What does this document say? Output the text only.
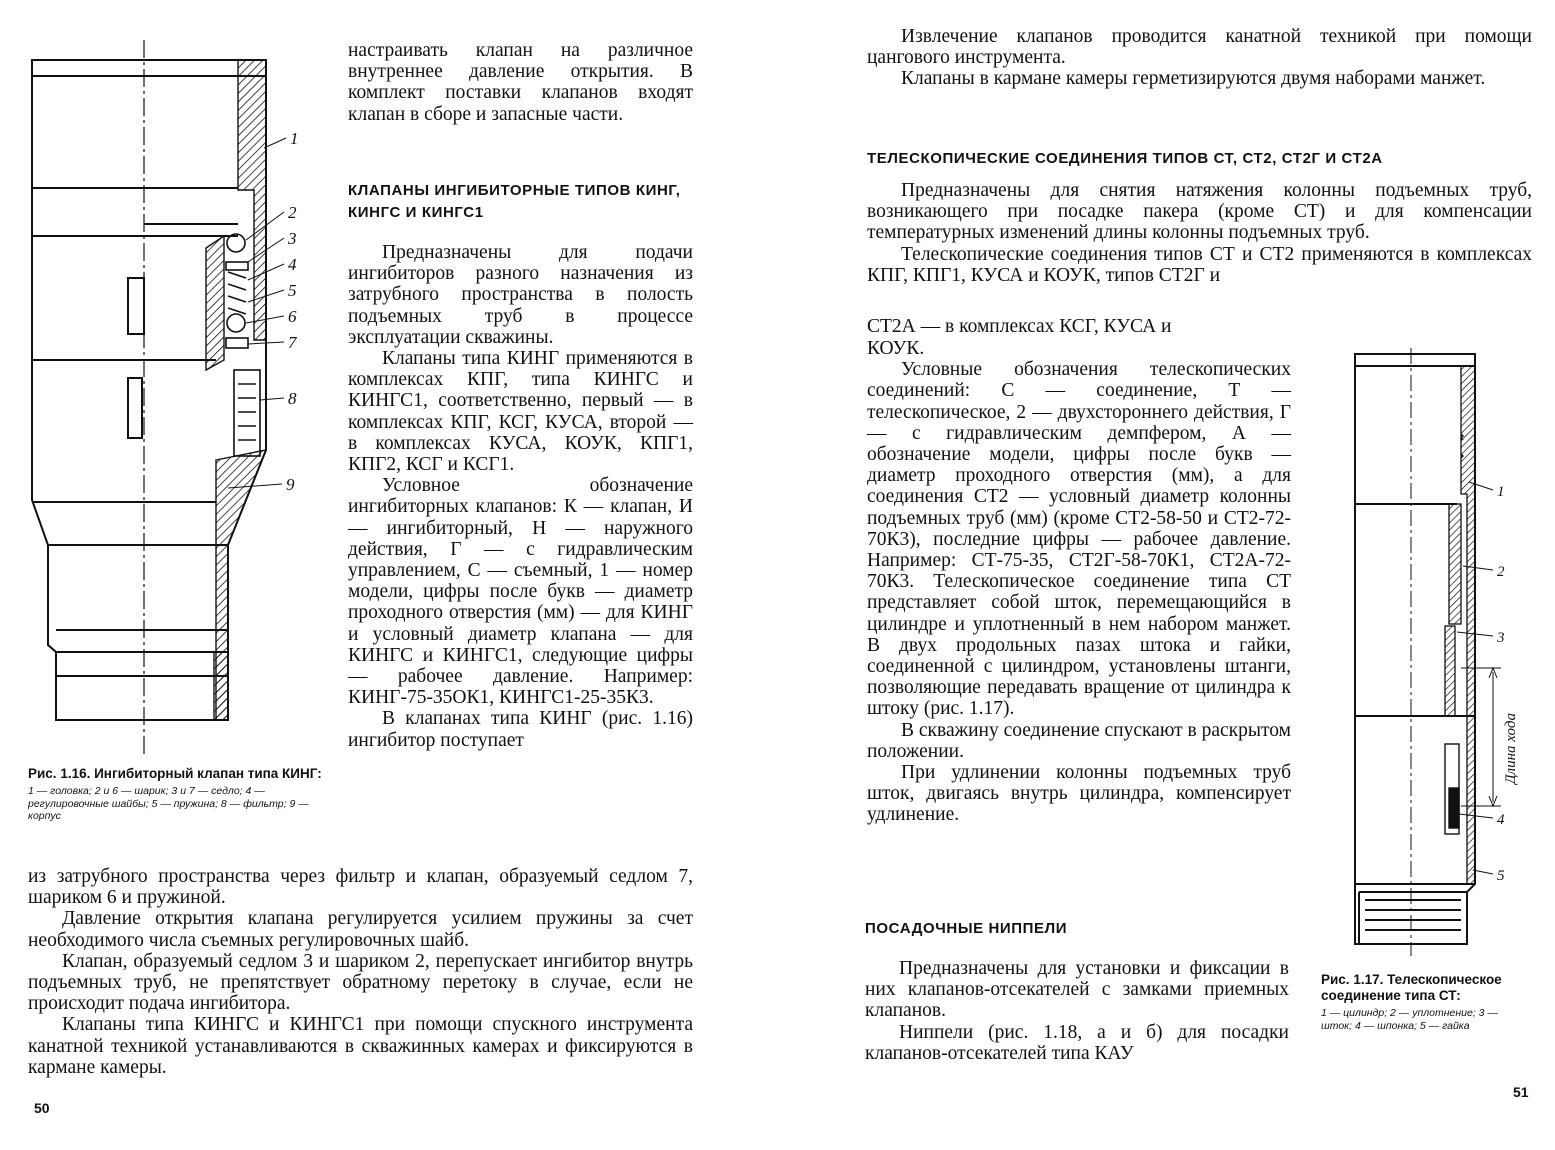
1
2
3
4
5
6
7
8
9
Рис. 1.16. Ингибиторный клапан типа КИНГ:
1 — головка; 2 и 6 — шарик; 3 и 7 — седло; 4 — регулировочные шайбы; 5 — пружина; 8 — фильтр; 9 — корпус

настраивать клапан на различное внутреннее давление открытия. В комплект поставки клапанов входят клапан в сборе и запасные части.

КЛАПАНЫ ИНГИБИТОРНЫЕ ТИПОВ КИНГ, КИНГС И КИНГС1

Предназначены для подачи ингибиторов разного назначения из затрубного пространства в полость подъемных труб в процессе эксплуатации скважины.

Клапаны типа КИНГ применяются в комплексах КПГ, типа КИНГС и КИНГС1, соответственно, первый — в комплексах КПГ, КСГ, КУСА, второй — в комплексах КУСА, КОУК, КПГ1, КПГ2, КСГ и КСГ1.

Условное обозначение ингибиторных клапанов: К — клапан, И — ингибиторный, Н — наружного действия, Г — с гидравлическим управлением, С — съемный, 1 — номер модели, цифры после букв — диаметр проходного отверстия (мм) — для КИНГ и условный диаметр клапана — для КИНГС и КИНГС1, следующие цифры — рабочее давление. Например: КИНГ-75-35ОК1, КИНГС1-25-35К3.

В клапанах типа КИНГ (рис. 1.16) ингибитор поступает

из затрубного пространства через фильтр и клапан, образуемый седлом 7, шариком 6 и пружиной.

Давление открытия клапана регулируется усилием пружины за счет необходимого числа съемных регулировочных шайб.

Клапан, образуемый седлом 3 и шариком 2, перепускает ингибитор внутрь подъемных труб, не препятствует обратному перетоку в случае, если не происходит подача ингибитора.

Клапаны типа КИНГС и КИНГС1 при помощи спускного инструмента канатной техникой устанавливаются в скважинных камерах и фиксируются в кармане камеры.

50

Извлечение клапанов проводится канатной техникой при помощи цангового инструмента.

Клапаны в кармане камеры герметизируются двумя наборами манжет.

ТЕЛЕСКОПИЧЕСКИЕ СОЕДИНЕНИЯ ТИПОВ СТ, СТ2, СТ2Г И СТ2А

Предназначены для снятия натяжения колонны подъемных труб, возникающего при посадке пакера (кроме СТ) и для компенсации температурных изменений длины колонны подъемных труб.

Телескопические соединения типов СТ и СТ2 применяются в комплексах КПГ, КПГ1, КУСА и КОУК, типов СТ2Г и

СТ2А — в комплексах КСГ, КУСА и

КОУК.

Условные обозначения телескопических соединений: С — соединение, Т — телескопическое, 2 — двухстороннего действия, Г — с гидравлическим демпфером, А — обозначение модели, цифры после букв — диаметр проходного отверстия (мм), а для соединения СТ2 — условный диаметр колонны подъемных труб (мм) (кроме СТ2-58-50 и СТ2-72-70К3), последние цифры — рабочее давление. Например: СТ-75-35, СТ2Г-58-70К1, СТ2А-72-70К3. Телескопическое соединение типа СТ представляет собой шток, перемещающийся в цилиндре и уплотненный в нем набором манжет. В двух продольных пазах штока и гайки, соединенной с цилиндром, установлены штанги, позволяющие передавать вращение от цилиндра к штоку (рис. 1.17).

В скважину соединение спускают в раскрытом положении.

При удлинении колонны подъемных труб шток, двигаясь внутрь цилиндра, компенсирует удлинение.

ПОСАДОЧНЫЕ НИППЕЛИ

Предназначены для установки и фиксации в них клапанов-отсекателей с замками приемных клапанов.

Ниппели (рис. 1.18, а и б) для посадки клапанов-отсекателей типа КАУ

Длина хода
1
2
3
4
5
Рис. 1.17. Телескопическое соединение типа СТ:
1 — цилиндр; 2 — уплотнение; 3 — шток; 4 — шпонка; 5 — гайка
51
